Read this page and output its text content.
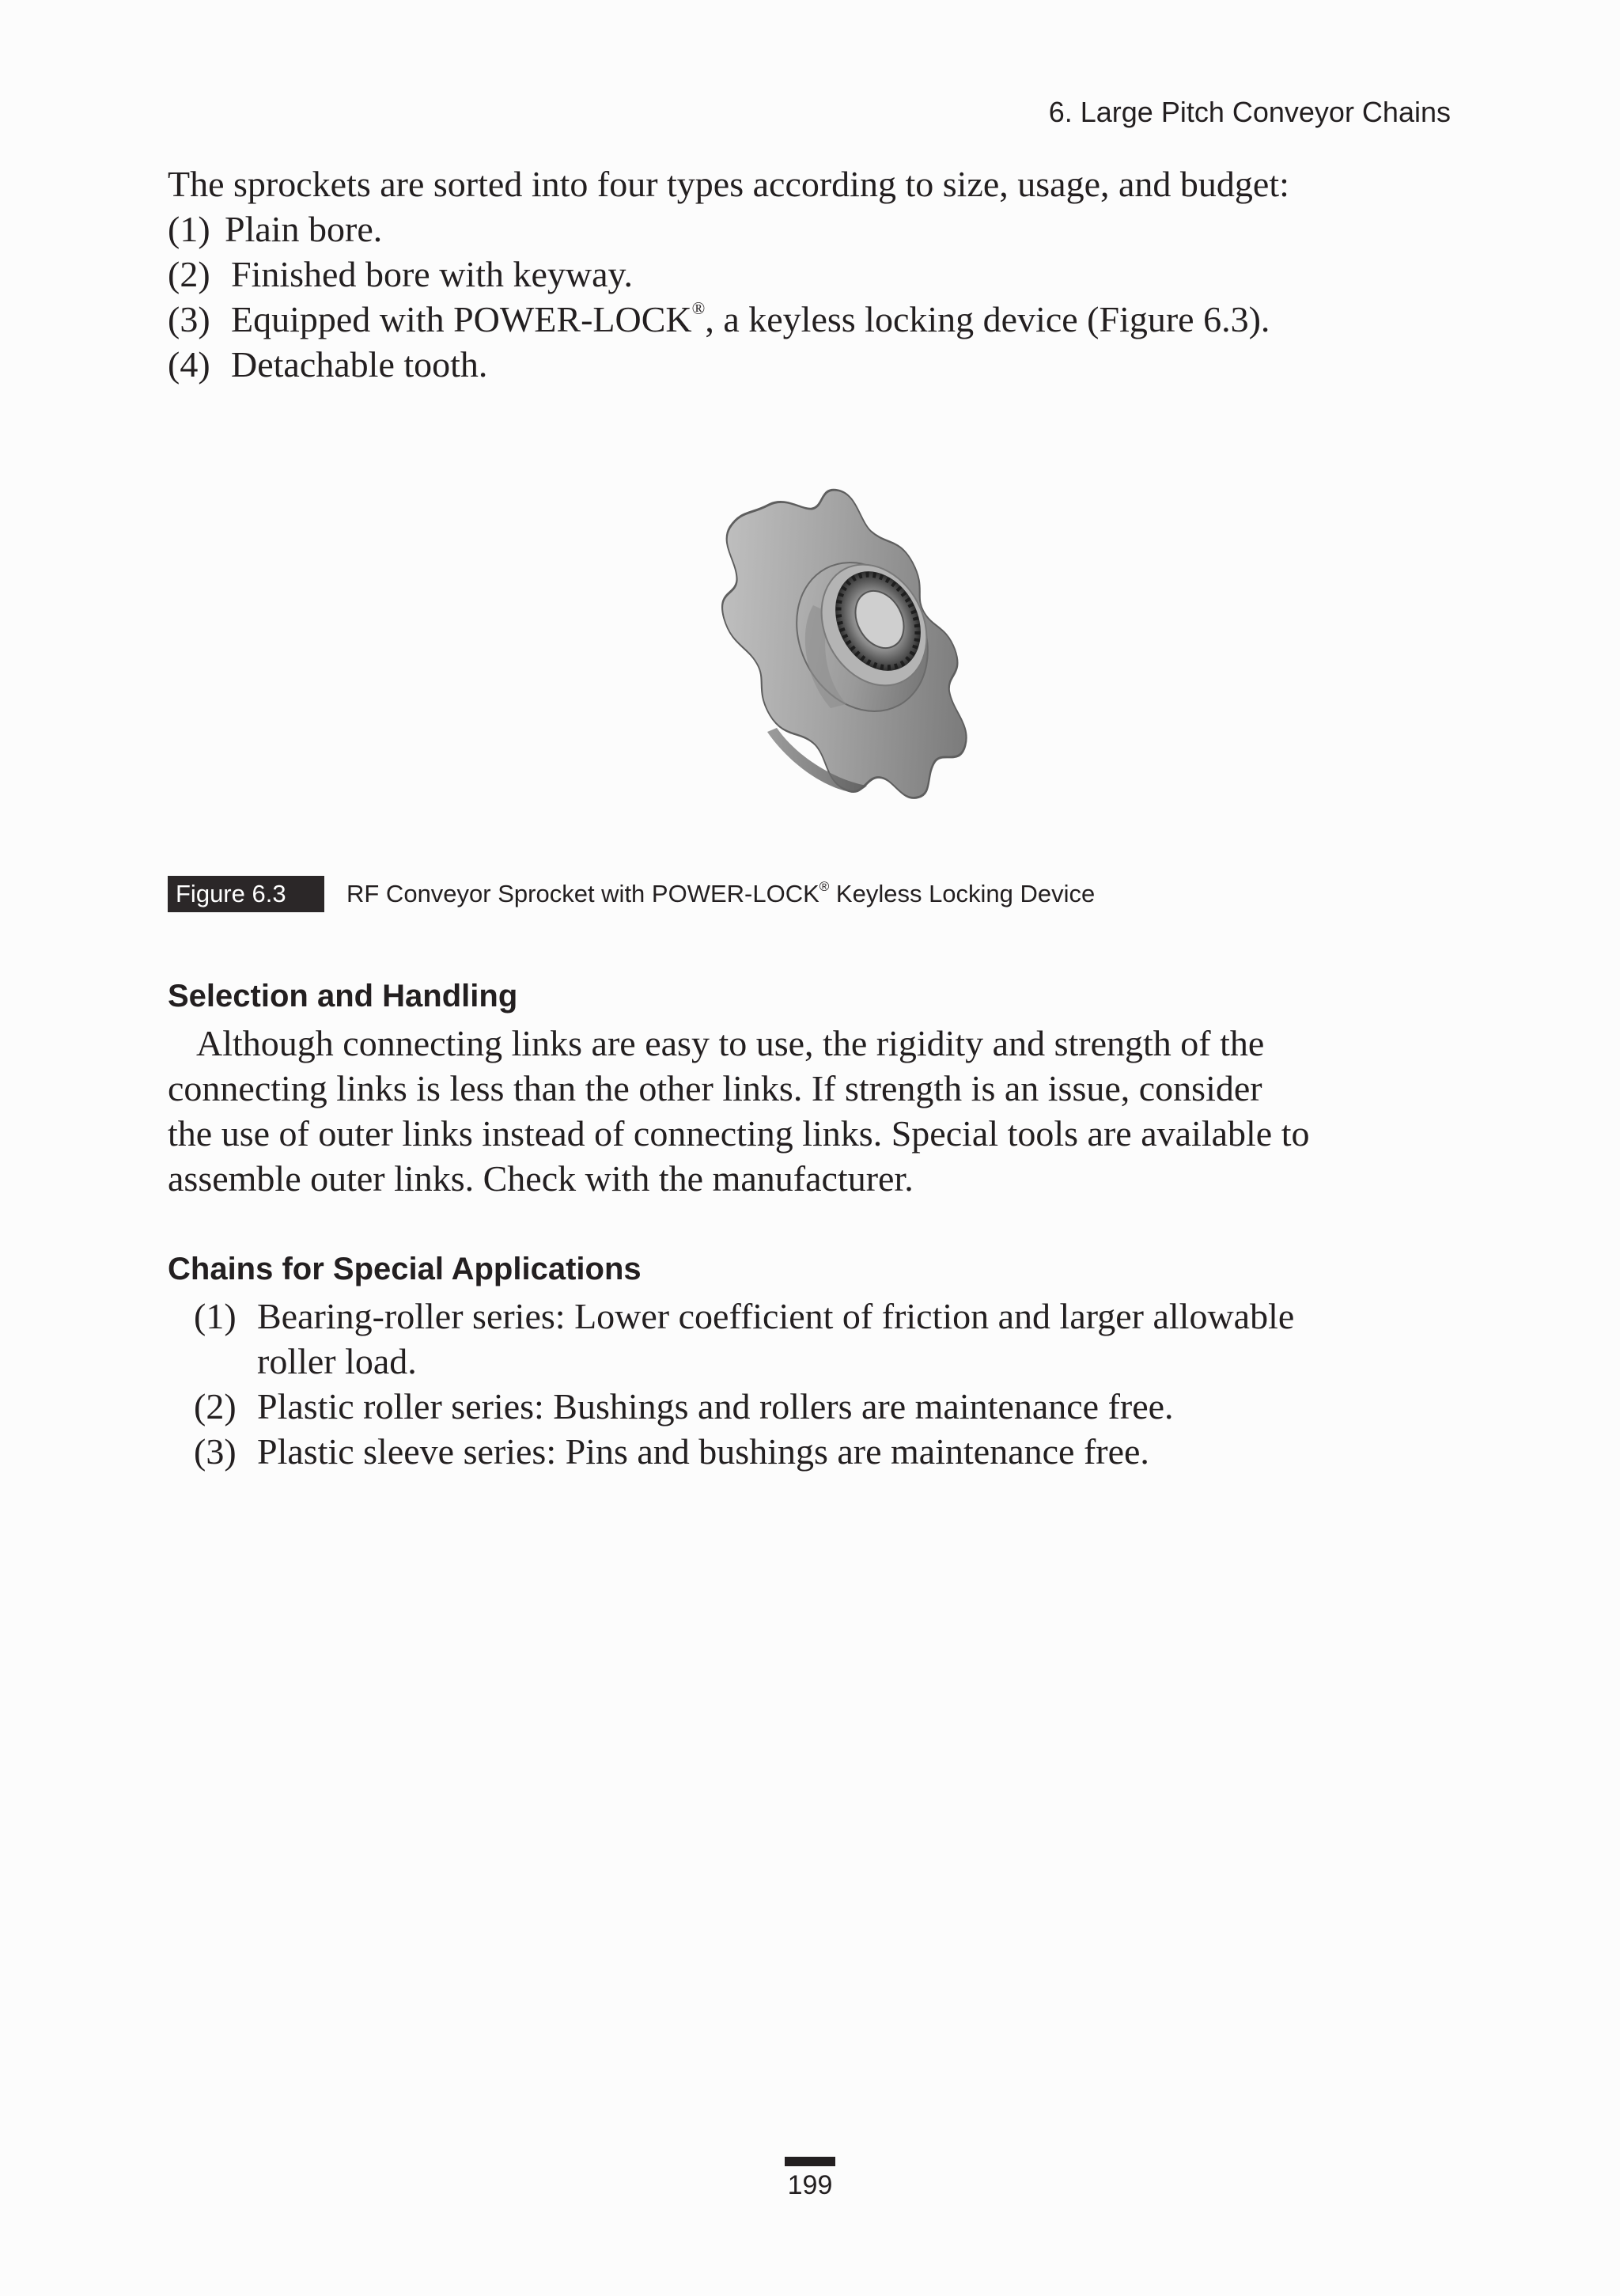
6. Large Pitch Conveyor Chains
The sprockets are sorted into four types according to size, usage, and budget:
(1) Plain bore.
(2) Finished bore with keyway.
(3) Equipped with POWER-LOCK®, a keyless locking device (Figure 6.3).
(4) Detachable tooth.
Figure 6.3	RF Conveyor Sprocket with POWER-LOCK® Keyless Locking Device
Selection and Handling
Although connecting links are easy to use, the rigidity and strength of the
connecting links is less than the other links. If strength is an issue, consider
the use of outer links instead of connecting links. Special tools are available to
assemble outer links. Check with the manufacturer.
Chains for Special Applications
(1) Bearing-roller series: Lower coefficient of friction and larger allowable
roller load.
(2) Plastic roller series: Bushings and rollers are maintenance free.
(3) Plastic sleeve series: Pins and bushings are maintenance free.
199
